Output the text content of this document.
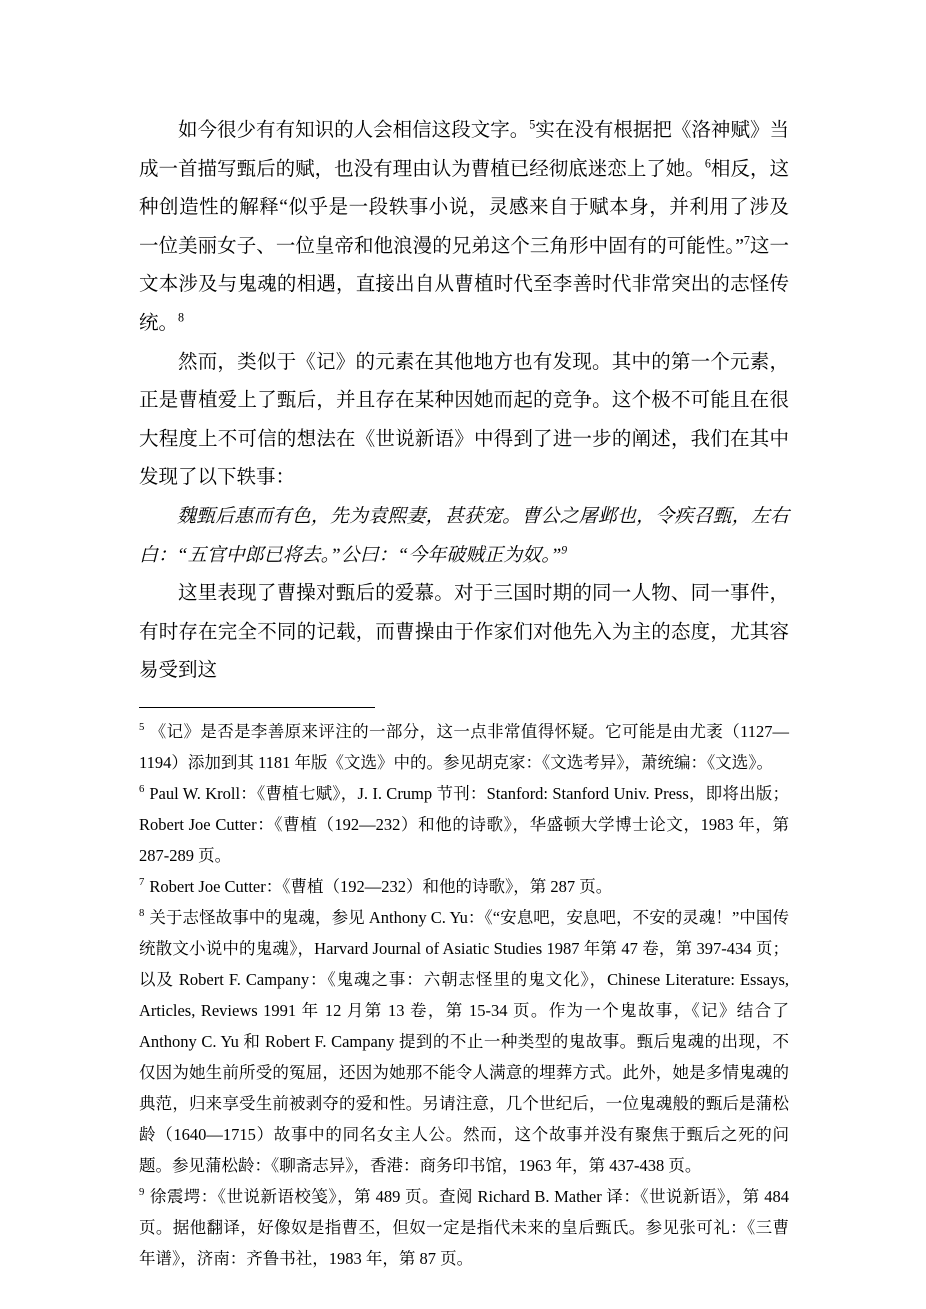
如今很少有有知识的人会相信这段文字。$^5$实在没有根据把《洛神赋》当成一首描写甄后的赋，也没有理由认为曹植已经彻底迷恋上了她。$^6$相反，这种创造性的解释“似乎是一段轶事小说，灵感来自于赋本身，并利用了涉及一位美丽女子、一位皇帝和他浪漫的兄弟这个三角形中固有的可能性。”$^7$这一文本涉及与鬼魂的相遇，直接出自从曹植时代至李善时代非常突出的志怪传统。$^8$

然而，类似于《记》的元素在其他地方也有发现。其中的第一个元素，正是曹植爱上了甄后，并且存在某种因她而起的竞争。这个极不可能且在很大程度上不可信的想法在《世说新语》中得到了进一步的阐述，我们在其中发现了以下轶事：

魏甄后惠而有色，先为袁熙妻，甚获宠。曹公之屠邺也，令疾召甄，左右白：“五官中郎已将去。”公曰：“今年破贼正为奴。”$^9$

这里表现了曹操对甄后的爱慕。对于三国时期的同一人物、同一事件，有时存在完全不同的记载，而曹操由于作家们对他先入为主的态度，尤其容易受到这

$^5$ 《记》是否是李善原来评注的一部分，这一点非常值得怀疑。它可能是由尤袤（1127—1194）添加到其 1181 年版《文选》中的。参见胡克家：《文选考异》，萧统编：《文选》。

$^6$ Paul W. Kroll：《曹植七赋》，J. I. Crump 节刊：Stanford: Stanford Univ. Press，即将出版；Robert Joe Cutter：《曹植（192—232）和他的诗歌》，华盛顿大学博士论文，1983 年，第 287-289 页。

$^7$ Robert Joe Cutter：《曹植（192—232）和他的诗歌》，第 287 页。

$^8$ 关于志怪故事中的鬼魂，参见 Anthony C. Yu：《“安息吧，安息吧，不安的灵魂！”中国传统散文小说中的鬼魂》，Harvard Journal of Asiatic Studies 1987 年第 47 卷，第 397-434 页；以及 Robert F. Campany：《鬼魂之事：六朝志怪里的鬼文化》，Chinese Literature: Essays, Articles, Reviews 1991 年 12 月第 13 卷，第 15-34 页。作为一个鬼故事，《记》结合了 Anthony C. Yu 和 Robert F. Campany 提到的不止一种类型的鬼故事。甄后鬼魂的出现，不仅因为她生前所受的冤屈，还因为她那不能令人满意的埋葬方式。此外，她是多情鬼魂的典范，归来享受生前被剥夺的爱和性。另请注意，几个世纪后，一位鬼魂般的甄后是蒲松龄（1640—1715）故事中的同名女主人公。然而，这个故事并没有聚焦于甄后之死的问题。参见蒲松龄：《聊斋志异》，香港：商务印书馆，1963 年，第 437-438 页。

$^9$ 徐震堮：《世说新语校笺》，第 489 页。查阅 Richard B. Mather 译：《世说新语》，第 484 页。据他翻译，好像奴是指曹丕，但奴一定是指代未来的皇后甄氏。参见张可礼：《三曹年谱》，济南：齐鲁书社，1983 年，第 87 页。
